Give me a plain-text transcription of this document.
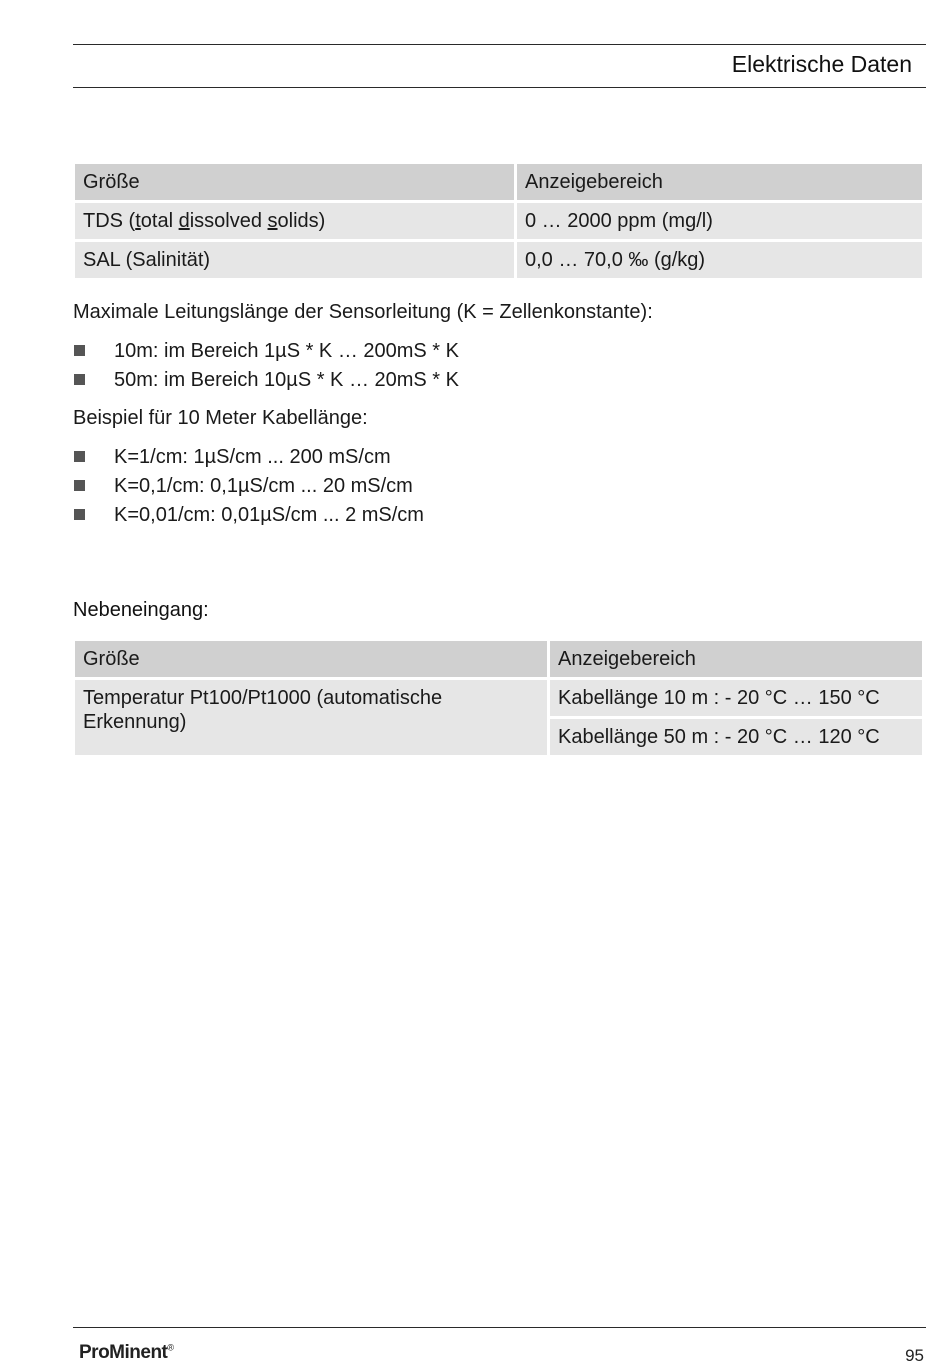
Elektrische Daten
Größe	Anzeigebereich
TDS (total dissolved solids)	0 … 2000 ppm (mg/l)
SAL (Salinität)	0,0 … 70,0 ‰ (g/kg)
Maximale Leitungslänge der Sensorleitung (K = Zellenkonstante):
10m: im Bereich 1µS * K … 200mS * K
50m: im Bereich 10µS * K … 20mS * K
Beispiel für 10 Meter Kabellänge:
K=1/cm: 1µS/cm ... 200 mS/cm
K=0,1/cm: 0,1µS/cm ... 20 mS/cm
K=0,01/cm: 0,01µS/cm ... 2 mS/cm
Nebeneingang:
Größe	Anzeigebereich
Temperatur Pt100/Pt1000 (automatische Erkennung)	Kabellänge 10 m : - 20 °C … 150 °C
	Kabellänge 50 m : - 20 °C … 120 °C
ProMinent®	95
